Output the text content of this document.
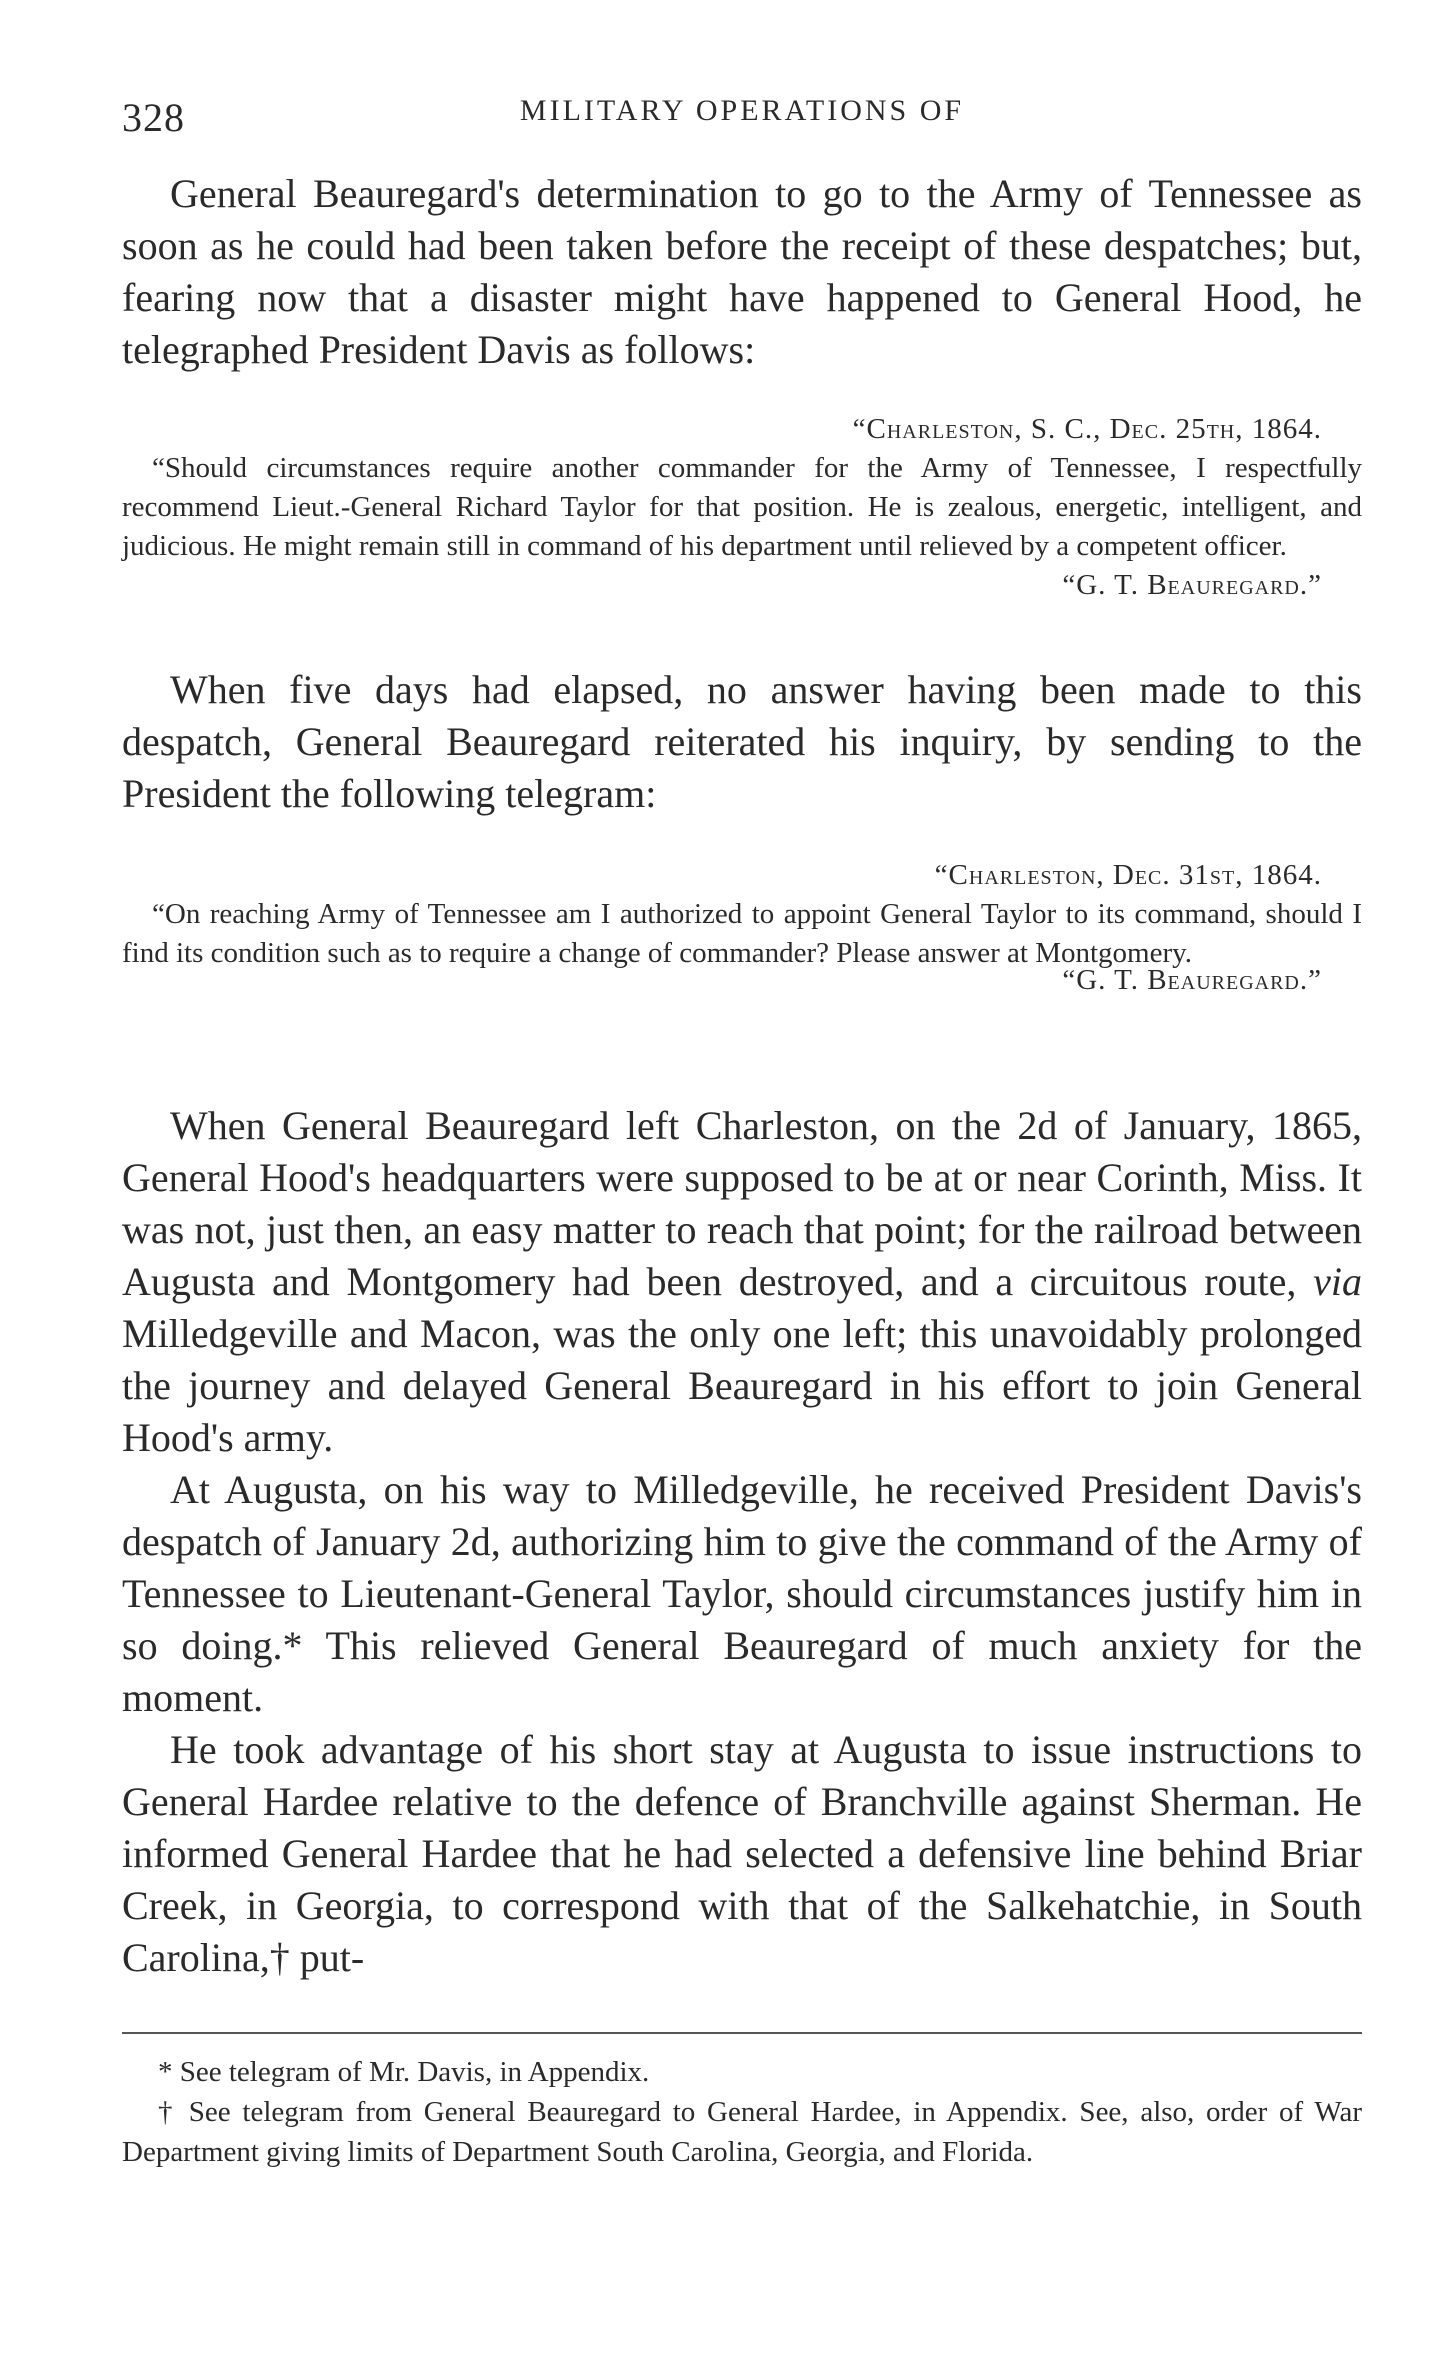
328	MILITARY OPERATIONS OF

General Beauregard's determination to go to the Army of Tennessee as soon as he could had been taken before the receipt of these despatches; but, fearing now that a disaster might have happened to General Hood, he telegraphed President Davis as follows:

“Charleston, S. C., Dec. 25th, 1864.
“Should circumstances require another commander for the Army of Tennessee, I respectfully recommend Lieut.-General Richard Taylor for that position. He is zealous, energetic, intelligent, and judicious. He might remain still in command of his department until relieved by a competent officer.
“G. T. Beauregard.”

When five days had elapsed, no answer having been made to this despatch, General Beauregard reiterated his inquiry, by sending to the President the following telegram:

“Charleston, Dec. 31st, 1864.
“On reaching Army of Tennessee am I authorized to appoint General Taylor to its command, should I find its condition such as to require a change of commander? Please answer at Montgomery.
“G. T. Beauregard.”

When General Beauregard left Charleston, on the 2d of January, 1865, General Hood's headquarters were supposed to be at or near Corinth, Miss. It was not, just then, an easy matter to reach that point; for the railroad between Augusta and Montgomery had been destroyed, and a circuitous route, via Milledgeville and Macon, was the only one left; this unavoidably prolonged the journey and delayed General Beauregard in his effort to join General Hood's army.

At Augusta, on his way to Milledgeville, he received President Davis's despatch of January 2d, authorizing him to give the command of the Army of Tennessee to Lieutenant-General Taylor, should circumstances justify him in so doing.* This relieved General Beauregard of much anxiety for the moment.

He took advantage of his short stay at Augusta to issue instructions to General Hardee relative to the defence of Branchville against Sherman. He informed General Hardee that he had selected a defensive line behind Briar Creek, in Georgia, to correspond with that of the Salkehatchie, in South Carolina,† put-

* See telegram of Mr. Davis, in Appendix.

† See telegram from General Beauregard to General Hardee, in Appendix. See, also, order of War Department giving limits of Department South Carolina, Georgia, and Florida.
